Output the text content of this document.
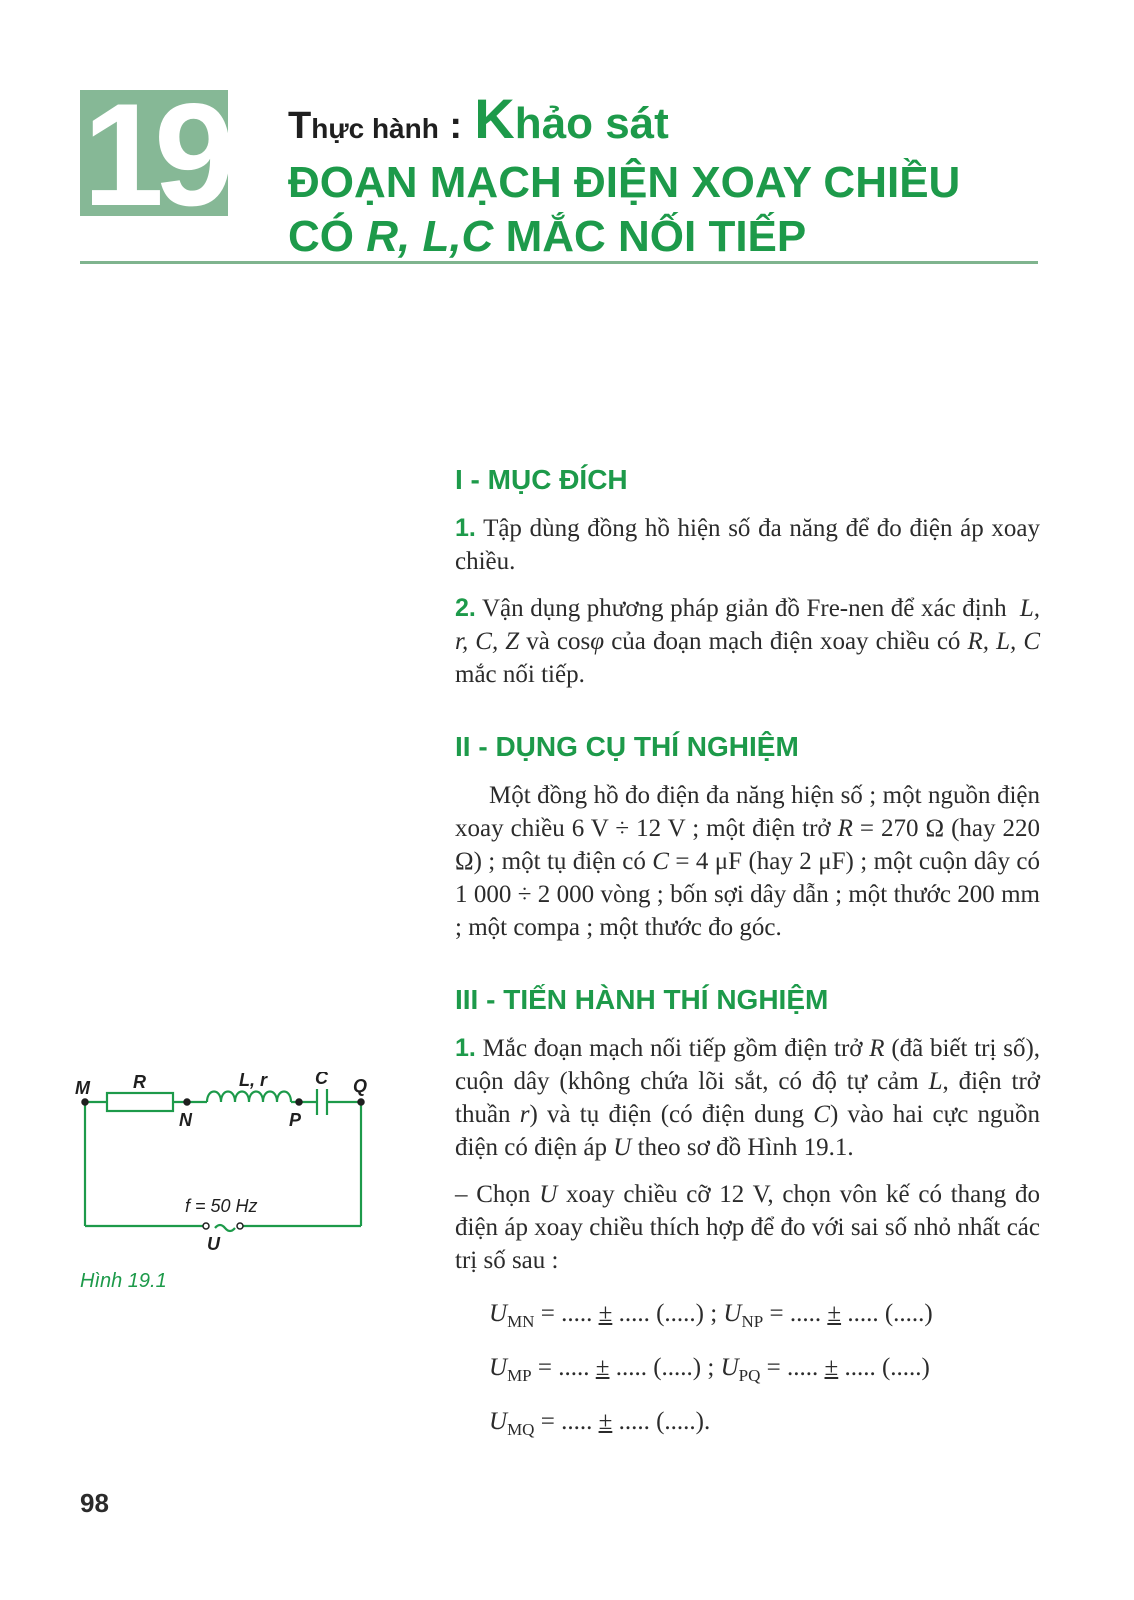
19 Thực hành : Khảo sát
ĐOẠN MẠCH ĐIỆN XOAY CHIỀU
CÓ R, L,C MẮC NỐI TIẾP
I - MỤC ĐÍCH

1. Tập dùng đồng hồ hiện số đa năng để đo điện áp xoay chiều.

2. Vận dụng phương pháp giản đồ Fre-nen để xác định L, r, C, Z và cosφ của đoạn mạch điện xoay chiều có R, L, C mắc nối tiếp.

II - DỤNG CỤ THÍ NGHIỆM

Một đồng hồ đo điện đa năng hiện số ; một nguồn điện xoay chiều 6 V ÷ 12 V ; một điện trở R = 270 Ω (hay 220 Ω) ; một tụ điện có C = 4 μF (hay 2 μF) ; một cuộn dây có 1 000 ÷ 2 000 vòng ; bốn sợi dây dẫn ; một thước 200 mm ; một compa ; một thước đo góc.

III - TIẾN HÀNH THÍ NGHIỆM

1. Mắc đoạn mạch nối tiếp gồm điện trở R (đã biết trị số), cuộn dây (không chứa lõi sắt, có độ tự cảm L, điện trở thuần r) và tụ điện (có điện dung C) vào hai cực nguồn điện có điện áp U theo sơ đồ Hình 19.1.

– Chọn U xoay chiều cỡ 12 V, chọn vôn kế có thang đo điện áp xoay chiều thích hợp để đo với sai số nhỏ nhất các trị số sau :

$U_{MN}$ = ..... ± ..... (.....) ; $U_{NP}$ = ..... ± ..... (.....)
$U_{MP}$ = ..... ± ..... (.....) ; $U_{PQ}$ = ..... ± ..... (.....)
$U_{MQ}$ = ..... ± ..... (.....).
M R
N
L, r
P
C Q
f = 50 Hz
U
Hình 19.1
98
